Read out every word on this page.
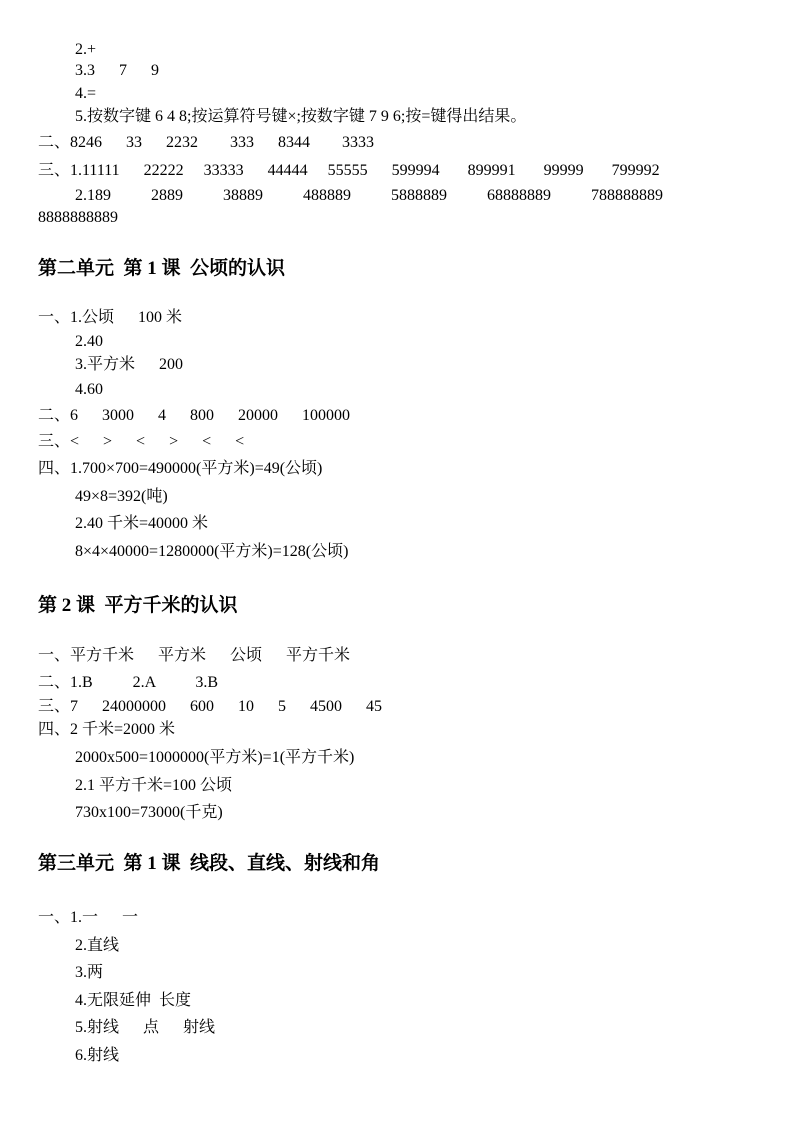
2.+
3.3      7      9
4.=
5.按数字键 6 4 8;按运算符号键×;按数字键 7 9 6;按=键得出结果。
二、8246      33      2232        333      8344        3333
三、1.11111      22222     33333      44444     55555      599994       899991       99999       799992
2.189          2889          38889          488889          5888889          68888889          788888889
8888888889
第二单元  第 1 课  公顷的认识
一、1.公顷      100 米
2.40
3.平方米      200
4.60
二、6      3000      4      800      20000      100000
三、<      >      <      >      <      <
四、1.700×700=490000(平方米)=49(公顷)
49×8=392(吨)
2.40 千米=40000 米
8×4×40000=1280000(平方米)=128(公顷)
第 2 课  平方千米的认识
一、平方千米      平方米      公顷      平方千米
二、1.B          2.A          3.B
三、7      24000000      600      10      5      4500      45
四、2 千米=2000 米
2000x500=1000000(平方米)=1(平方千米)
2.1 平方千米=100 公顷
730x100=73000(千克)
第三单元  第 1 课  线段、直线、射线和角
一、1.一      一
2.直线
3.两
4.无限延伸  长度
5.射线      点      射线
6.射线
